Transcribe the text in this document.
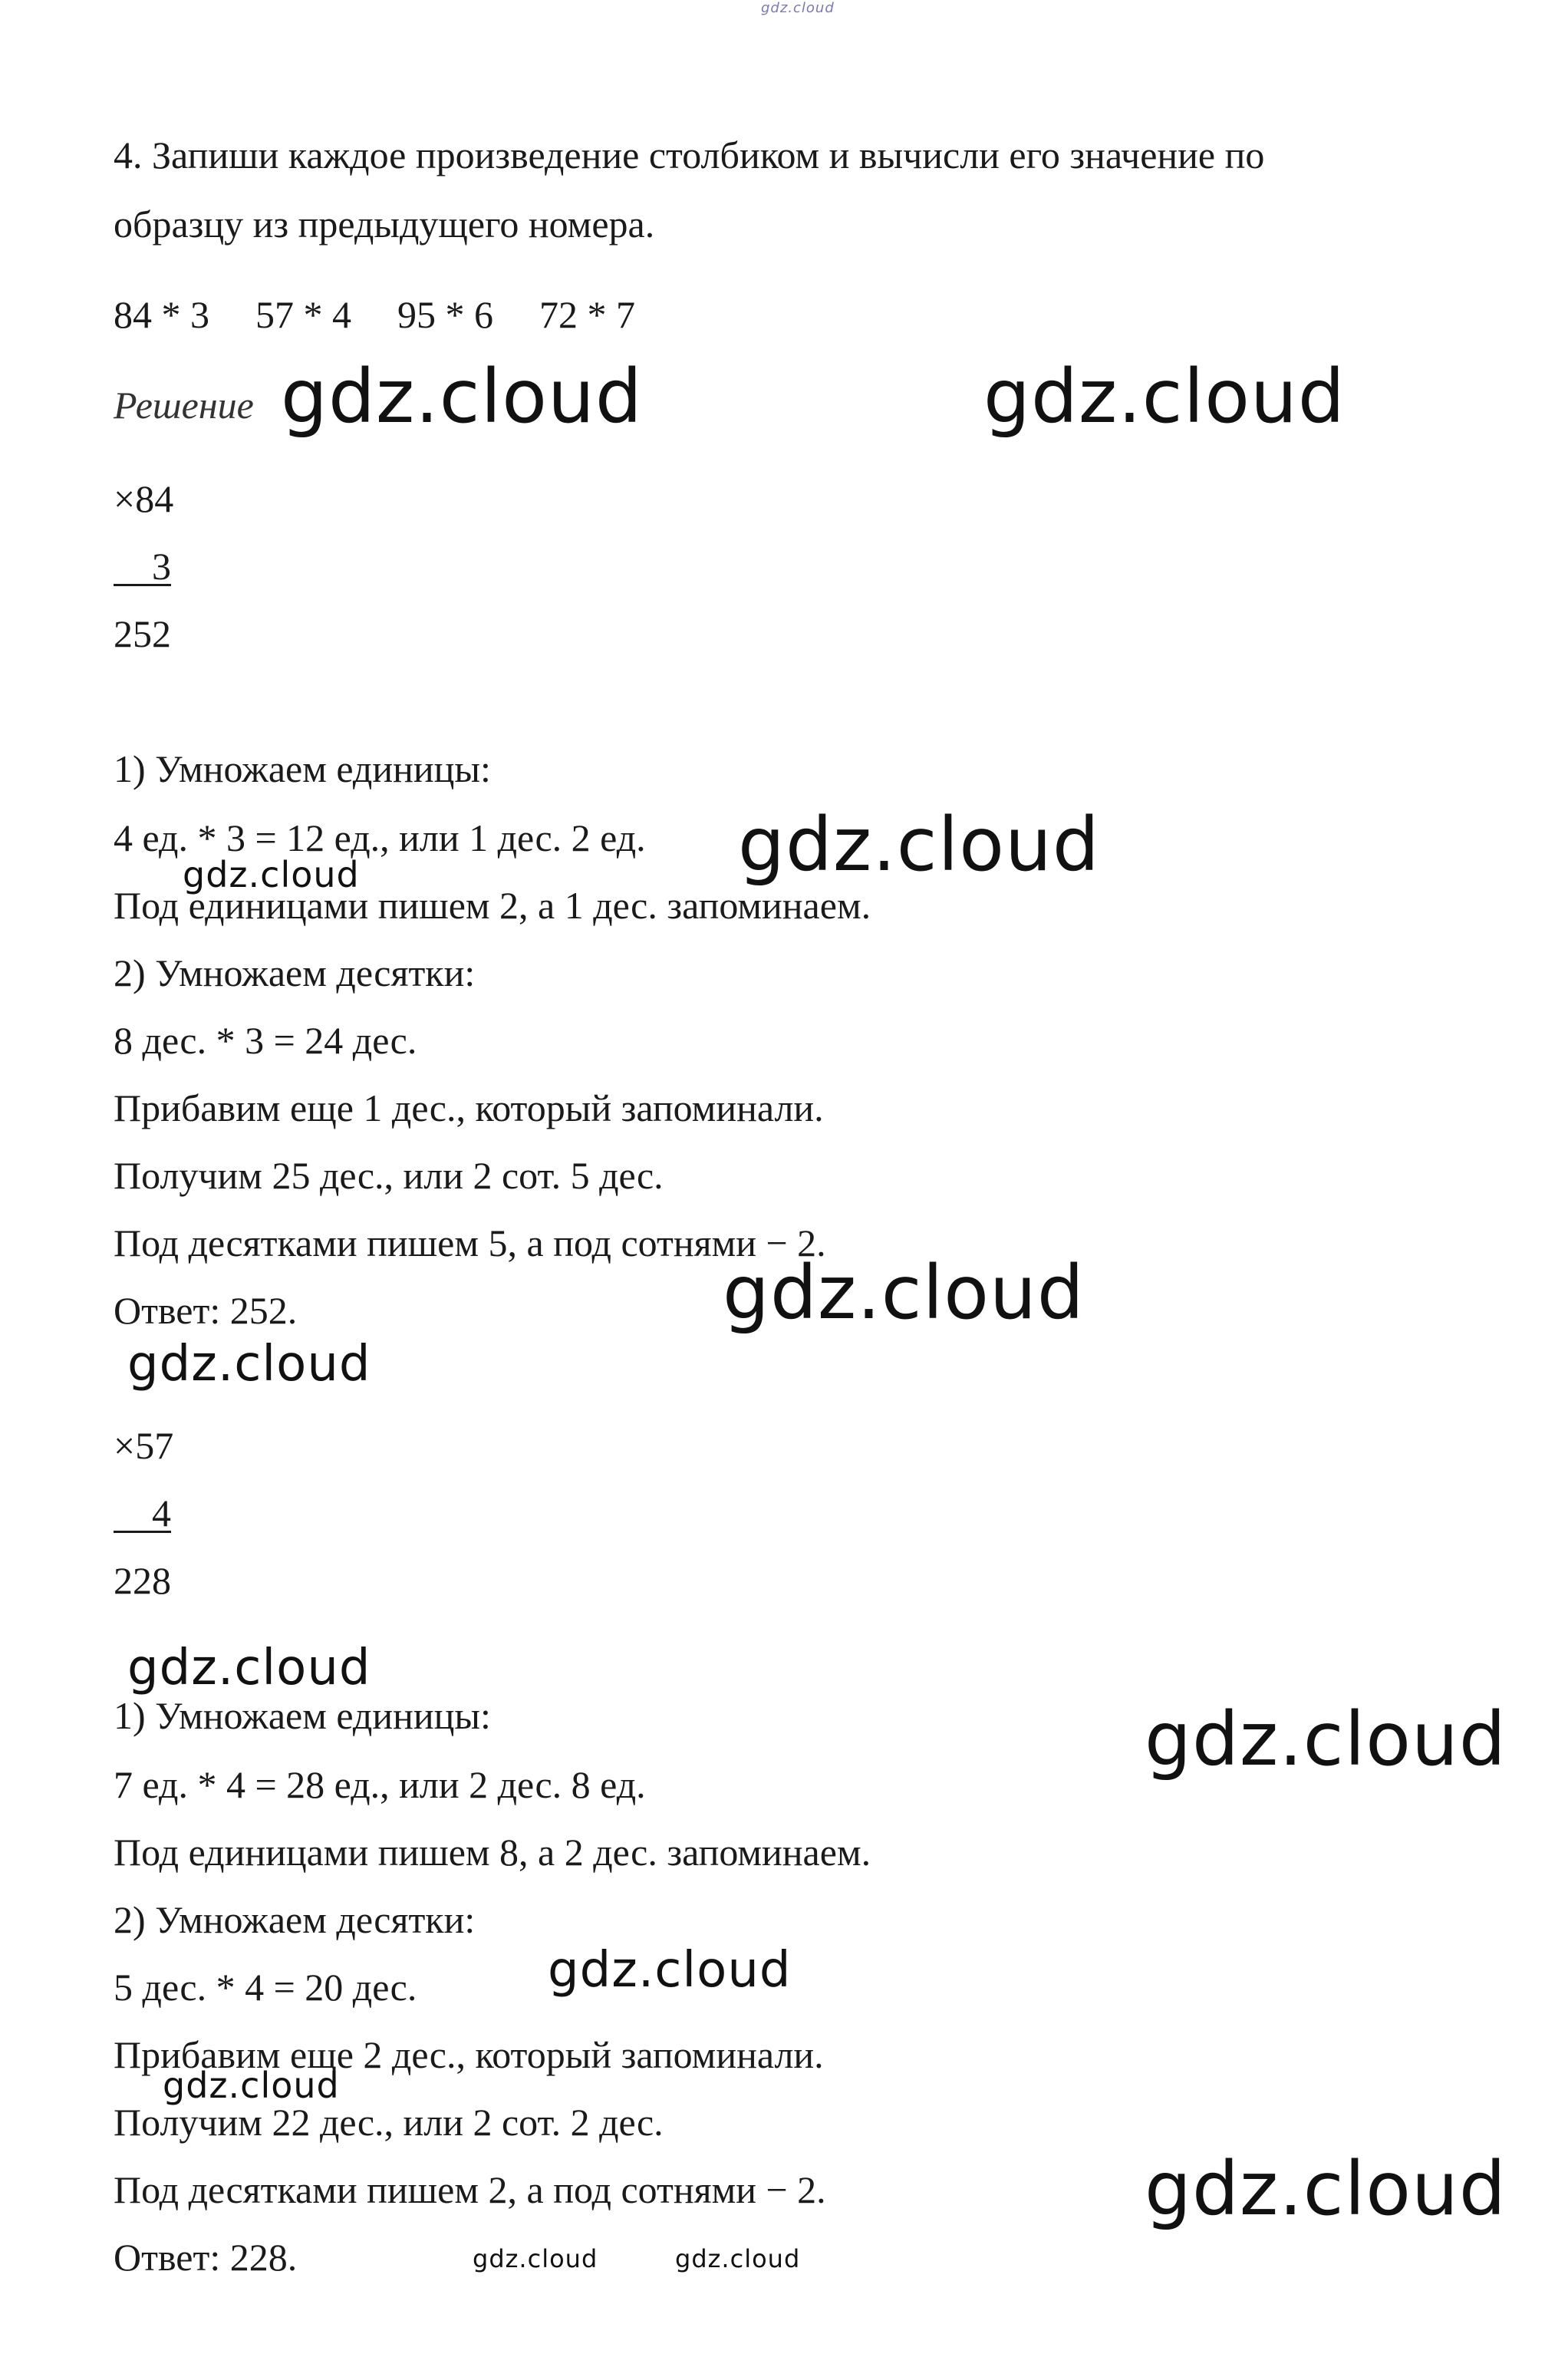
gdz.cloud
4. Запиши каждое произведение столбиком и вычисли его значение по
образцу из предыдущего номера.
84 * 3 57 * 4 95 * 6 72 * 7
Решение
×84
3
252
1) Умножаем единицы:
4 ед. * 3 = 12 ед., или 1 дес. 2 ед.
Под единицами пишем 2, а 1 дес. запоминаем.
2) Умножаем десятки:
8 дес. * 3 = 24 дес.
Прибавим еще 1 дес., который запоминали.
Получим 25 дес., или 2 сот. 5 дес.
Под десятками пишем 5, а под сотнями − 2.
Ответ: 252.
×57
4
228
1) Умножаем единицы:
7 ед. * 4 = 28 ед., или 2 дес. 8 ед.
Под единицами пишем 8, а 2 дес. запоминаем.
2) Умножаем десятки:
5 дес. * 4 = 20 дес.
Прибавим еще 2 дес., который запоминали.
Получим 22 дес., или 2 сот. 2 дес.
Под десятками пишем 2, а под сотнями − 2.
Ответ: 228.
gdz.cloud	gdz.cloud
gdz.cloud
gdz.cloud
gdz.cloud
gdz.cloud
gdz.cloud
gdz.cloud
gdz.cloud
gdz.cloud
gdz.cloud
gdz.cloud	gdz.cloud
